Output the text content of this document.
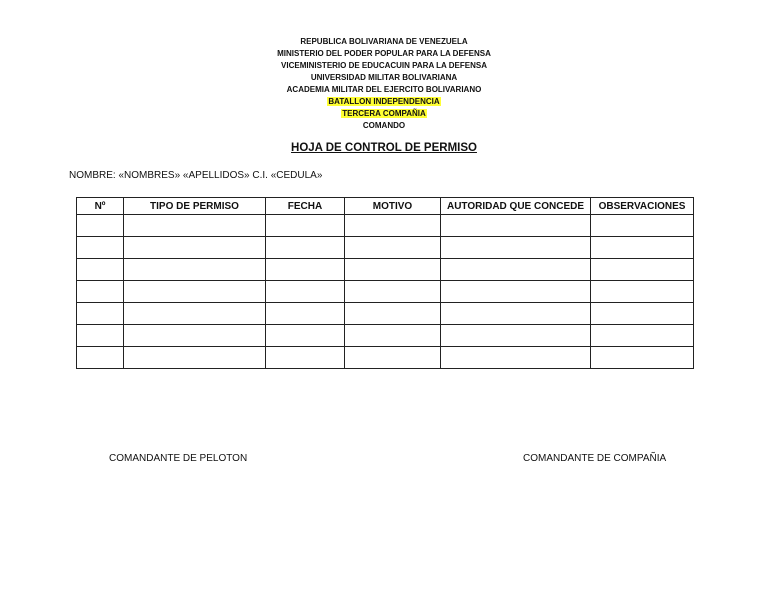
REPUBLICA BOLIVARIANA DE VENEZUELA
MINISTERIO DEL PODER POPULAR PARA LA DEFENSA
VICEMINISTERIO DE EDUCACUIN PARA LA DEFENSA
UNIVERSIDAD MILITAR BOLIVARIANA
ACADEMIA MILITAR DEL EJERCITO BOLIVARIANO
BATALLON INDEPENDENCIA
TERCERA COMPAÑIA
COMANDO
HOJA DE CONTROL DE PERMISO
NOMBRE: «NOMBRES» «APELLIDOS» C.I. «CEDULA»
Nº	TIPO DE PERMISO	FECHA	MOTIVO	AUTORIDAD QUE CONCEDE	OBSERVACIONES

COMANDANTE DE PELOTON	COMANDANTE DE COMPAÑIA
